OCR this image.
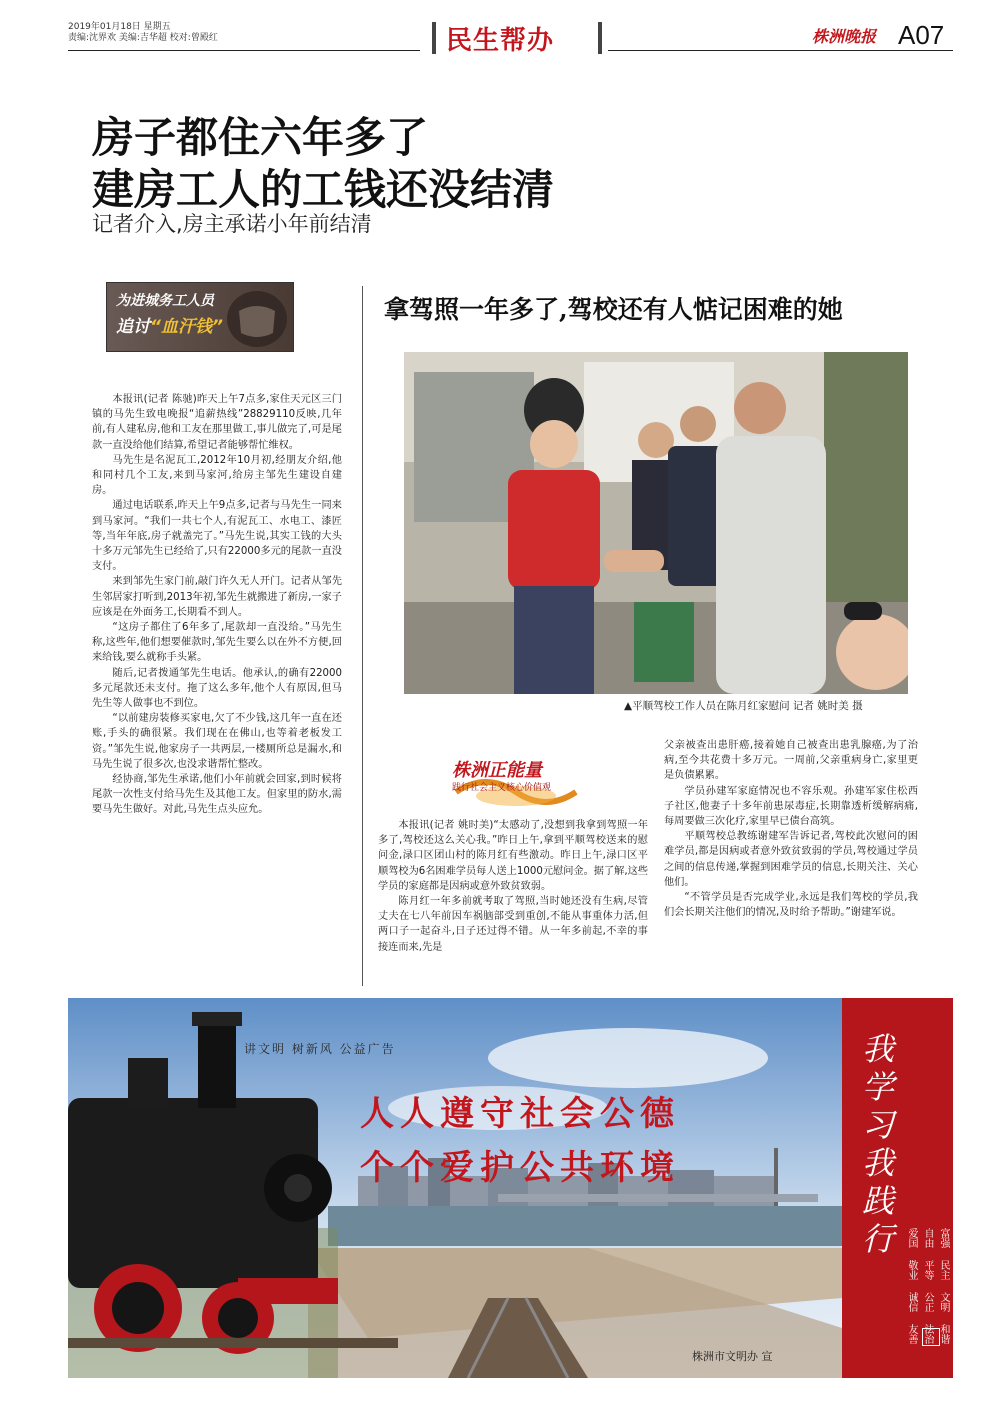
2019年01月18日 星期五
责编:沈界欢 美编:吉华超 校对:曾殿红	民生帮办	株洲晚报 A07
房子都住六年多了
建房工人的工钱还没结清
记者介入,房主承诺小年前结清
为进城务工人员
追讨“血汗钱”

本报讯(记者 陈驰)昨天上午7点多,家住天元区三门镇的马先生致电晚报“追薪热线”28829110反映,几年前,有人建私房,他和工友在那里做工,事儿做完了,可是尾款一直没给他们结算,希望记者能够帮忙维权。

马先生是名泥瓦工,2012年10月初,经朋友介绍,他和同村几个工友,来到马家河,给房主邹先生建设自建房。

通过电话联系,昨天上午9点多,记者与马先生一同来到马家河。“我们一共七个人,有泥瓦工、水电工、漆匠等,当年年底,房子就盖完了。”马先生说,其实工钱的大头十多万元邹先生已经给了,只有22000多元的尾款一直没支付。

来到邹先生家门前,敲门许久无人开门。记者从邹先生邻居家打听到,2013年初,邹先生就搬进了新房,一家子应该是在外面务工,长期看不到人。

“这房子都住了6年多了,尾款却一直没给。”马先生称,这些年,他们想要催款时,邹先生要么以在外不方便,回来给钱,要么就称手头紧。

随后,记者拨通邹先生电话。他承认,的确有22000多元尾款还未支付。拖了这么多年,他个人有原因,但马先生等人做事也不到位。

“以前建房装修买家电,欠了不少钱,这几年一直在还账,手头的确很紧。我们现在在佛山,也等着老板发工资。”邹先生说,他家房子一共两层,一楼厕所总是漏水,和马先生说了很多次,也没求谐帮忙整改。

经协商,邹先生承诺,他们小年前就会回家,到时候将尾款一次性支付给马先生及其他工友。但家里的防水,需要马先生做好。对此,马先生点头应允。

拿驾照一年多了,驾校还有人惦记困难的她
▲平顺驾校工作人员在陈月红家慰问 记者 姚时美 摄
株洲正能量
践行社会主义核心价值观

本报讯(记者 姚时美)“太感动了,没想到我拿到驾照一年多了,驾校还这么关心我。”昨日上午,拿到平顺驾校送来的慰问金,渌口区团山村的陈月红有些激动。昨日上午,渌口区平顺驾校为6名困难学员每人送上1000元慰问金。据了解,这些学员的家庭都是因病或意外致贫致弱。

陈月红一年多前就考取了驾照,当时她还没有生病,尽管丈夫在七八年前因车祸脑部受到重创,不能从事重体力活,但两口子一起奋斗,日子还过得不错。从一年多前起,不幸的事接连而来,先是

父亲被查出患肝癌,接着她自己被查出患乳腺癌,为了治病,至今共花费十多万元。一周前,父亲重病身亡,家里更是负债累累。

学员孙建军家庭情况也不容乐观。孙建军家住松西子社区,他妻子十多年前患尿毒症,长期靠透析缓解病痛,每周要做三次化疗,家里早已债台高筑。

平顺驾校总教练谢建军告诉记者,驾校此次慰问的困难学员,都是因病或者意外致贫致弱的学员,驾校通过学员之间的信息传递,掌握到困难学员的信息,长期关注、关心他们。

“不管学员是否完成学业,永远是我们驾校的学员,我们会长期关注他们的情况,及时给予帮助。”谢建军说。

讲文明 树新风 公益广告
人人遵守社会公德
个个爱护公共环境
株洲市文明办 宣
我学习我践行	富强
民主
文明
和谐
自由
平等
公正
法治
爱国
敬业
诚信
友善
